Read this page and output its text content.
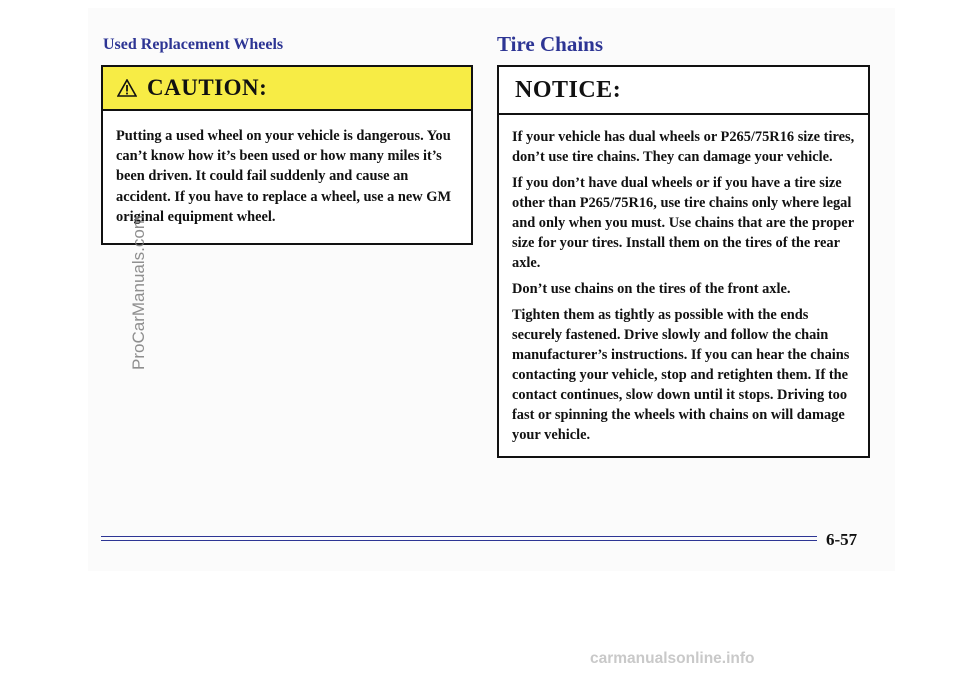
Used Replacement Wheels
CAUTION:

Putting a used wheel on your vehicle is dangerous. You can’t know how it’s been used or how many miles it’s been driven. It could fail suddenly and cause an accident. If you have to replace a wheel, use a new GM original equipment wheel.

Tire Chains
NOTICE:

If your vehicle has dual wheels or P265/75R16 size tires, don’t use tire chains. They can damage your vehicle.

If you don’t have dual wheels or if you have a tire size other than P265/75R16, use tire chains only where legal and only when you must. Use chains that are the proper size for your tires. Install them on the tires of the rear axle.

Don’t use chains on the tires of the front axle.

Tighten them as tightly as possible with the ends securely fastened. Drive slowly and follow the chain manufacturer’s instructions. If you can hear the chains contacting your vehicle, stop and retighten them. If the contact continues, slow down until it stops. Driving too fast or spinning the wheels with chains on will damage your vehicle.

6-57
ProCarManuals.com
carmanualsonline.info
